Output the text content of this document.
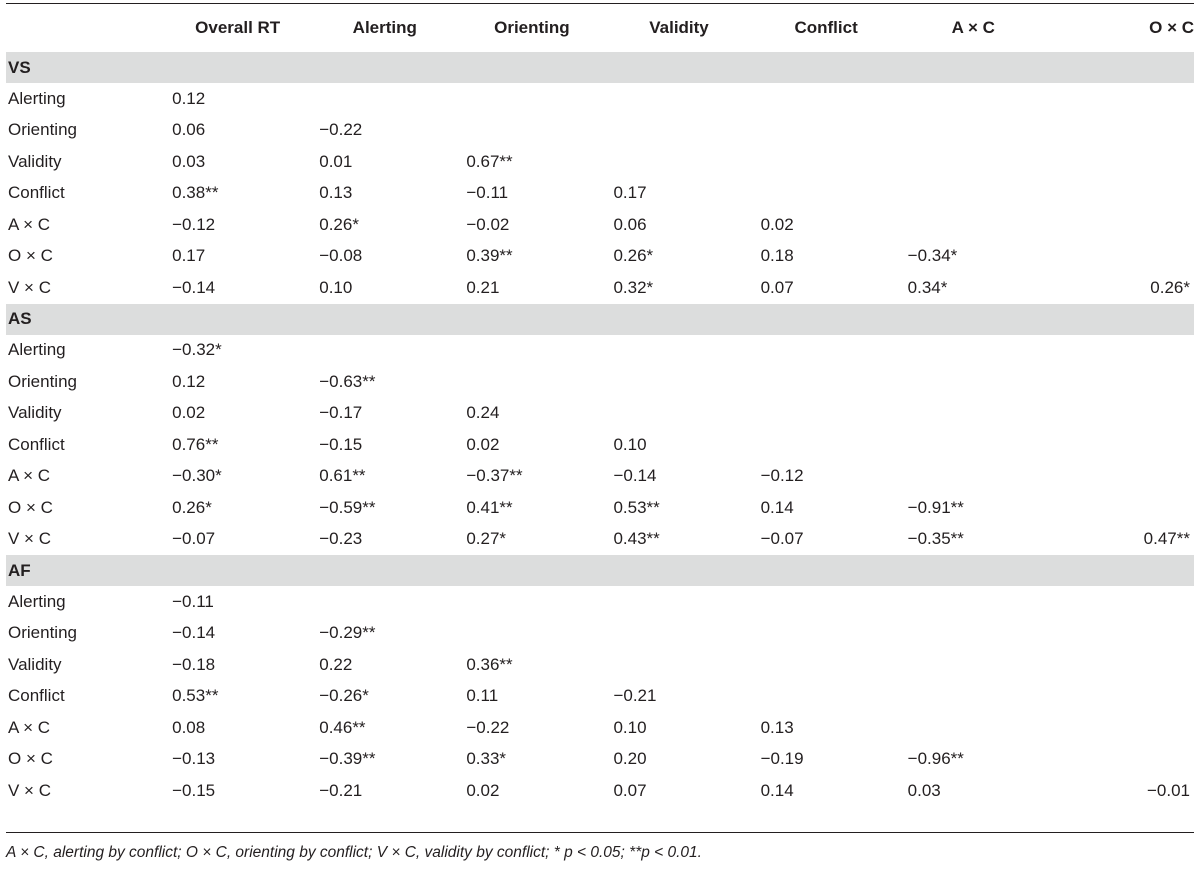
	Overall RT	Alerting	Orienting	Validity	Conflict	A × C	O × C
VS							
Alerting	0.12						
Orienting	0.06	−0.22					
Validity	0.03	0.01	0.67**				
Conflict	0.38**	0.13	−0.11	0.17			
A × C	−0.12	0.26*	−0.02	0.06	0.02		
O × C	0.17	−0.08	0.39**	0.26*	0.18	−0.34*	
V × C	−0.14	0.10	0.21	0.32*	0.07	0.34*	0.26*
AS							
Alerting	−0.32*						
Orienting	0.12	−0.63**					
Validity	0.02	−0.17	0.24				
Conflict	0.76**	−0.15	0.02	0.10			
A × C	−0.30*	0.61**	−0.37**	−0.14	−0.12		
O × C	0.26*	−0.59**	0.41**	0.53**	0.14	−0.91**	
V × C	−0.07	−0.23	0.27*	0.43**	−0.07	−0.35**	0.47**
AF							
Alerting	−0.11						
Orienting	−0.14	−0.29**					
Validity	−0.18	0.22	0.36**				
Conflict	0.53**	−0.26*	0.11	−0.21			
A × C	0.08	0.46**	−0.22	0.10	0.13		
O × C	−0.13	−0.39**	0.33*	0.20	−0.19	−0.96**	
V × C	−0.15	−0.21	0.02	0.07	0.14	0.03	−0.01
A × C, alerting by conflict; O × C, orienting by conflict; V × C, validity by conflict; * p < 0.05; **p < 0.01.
